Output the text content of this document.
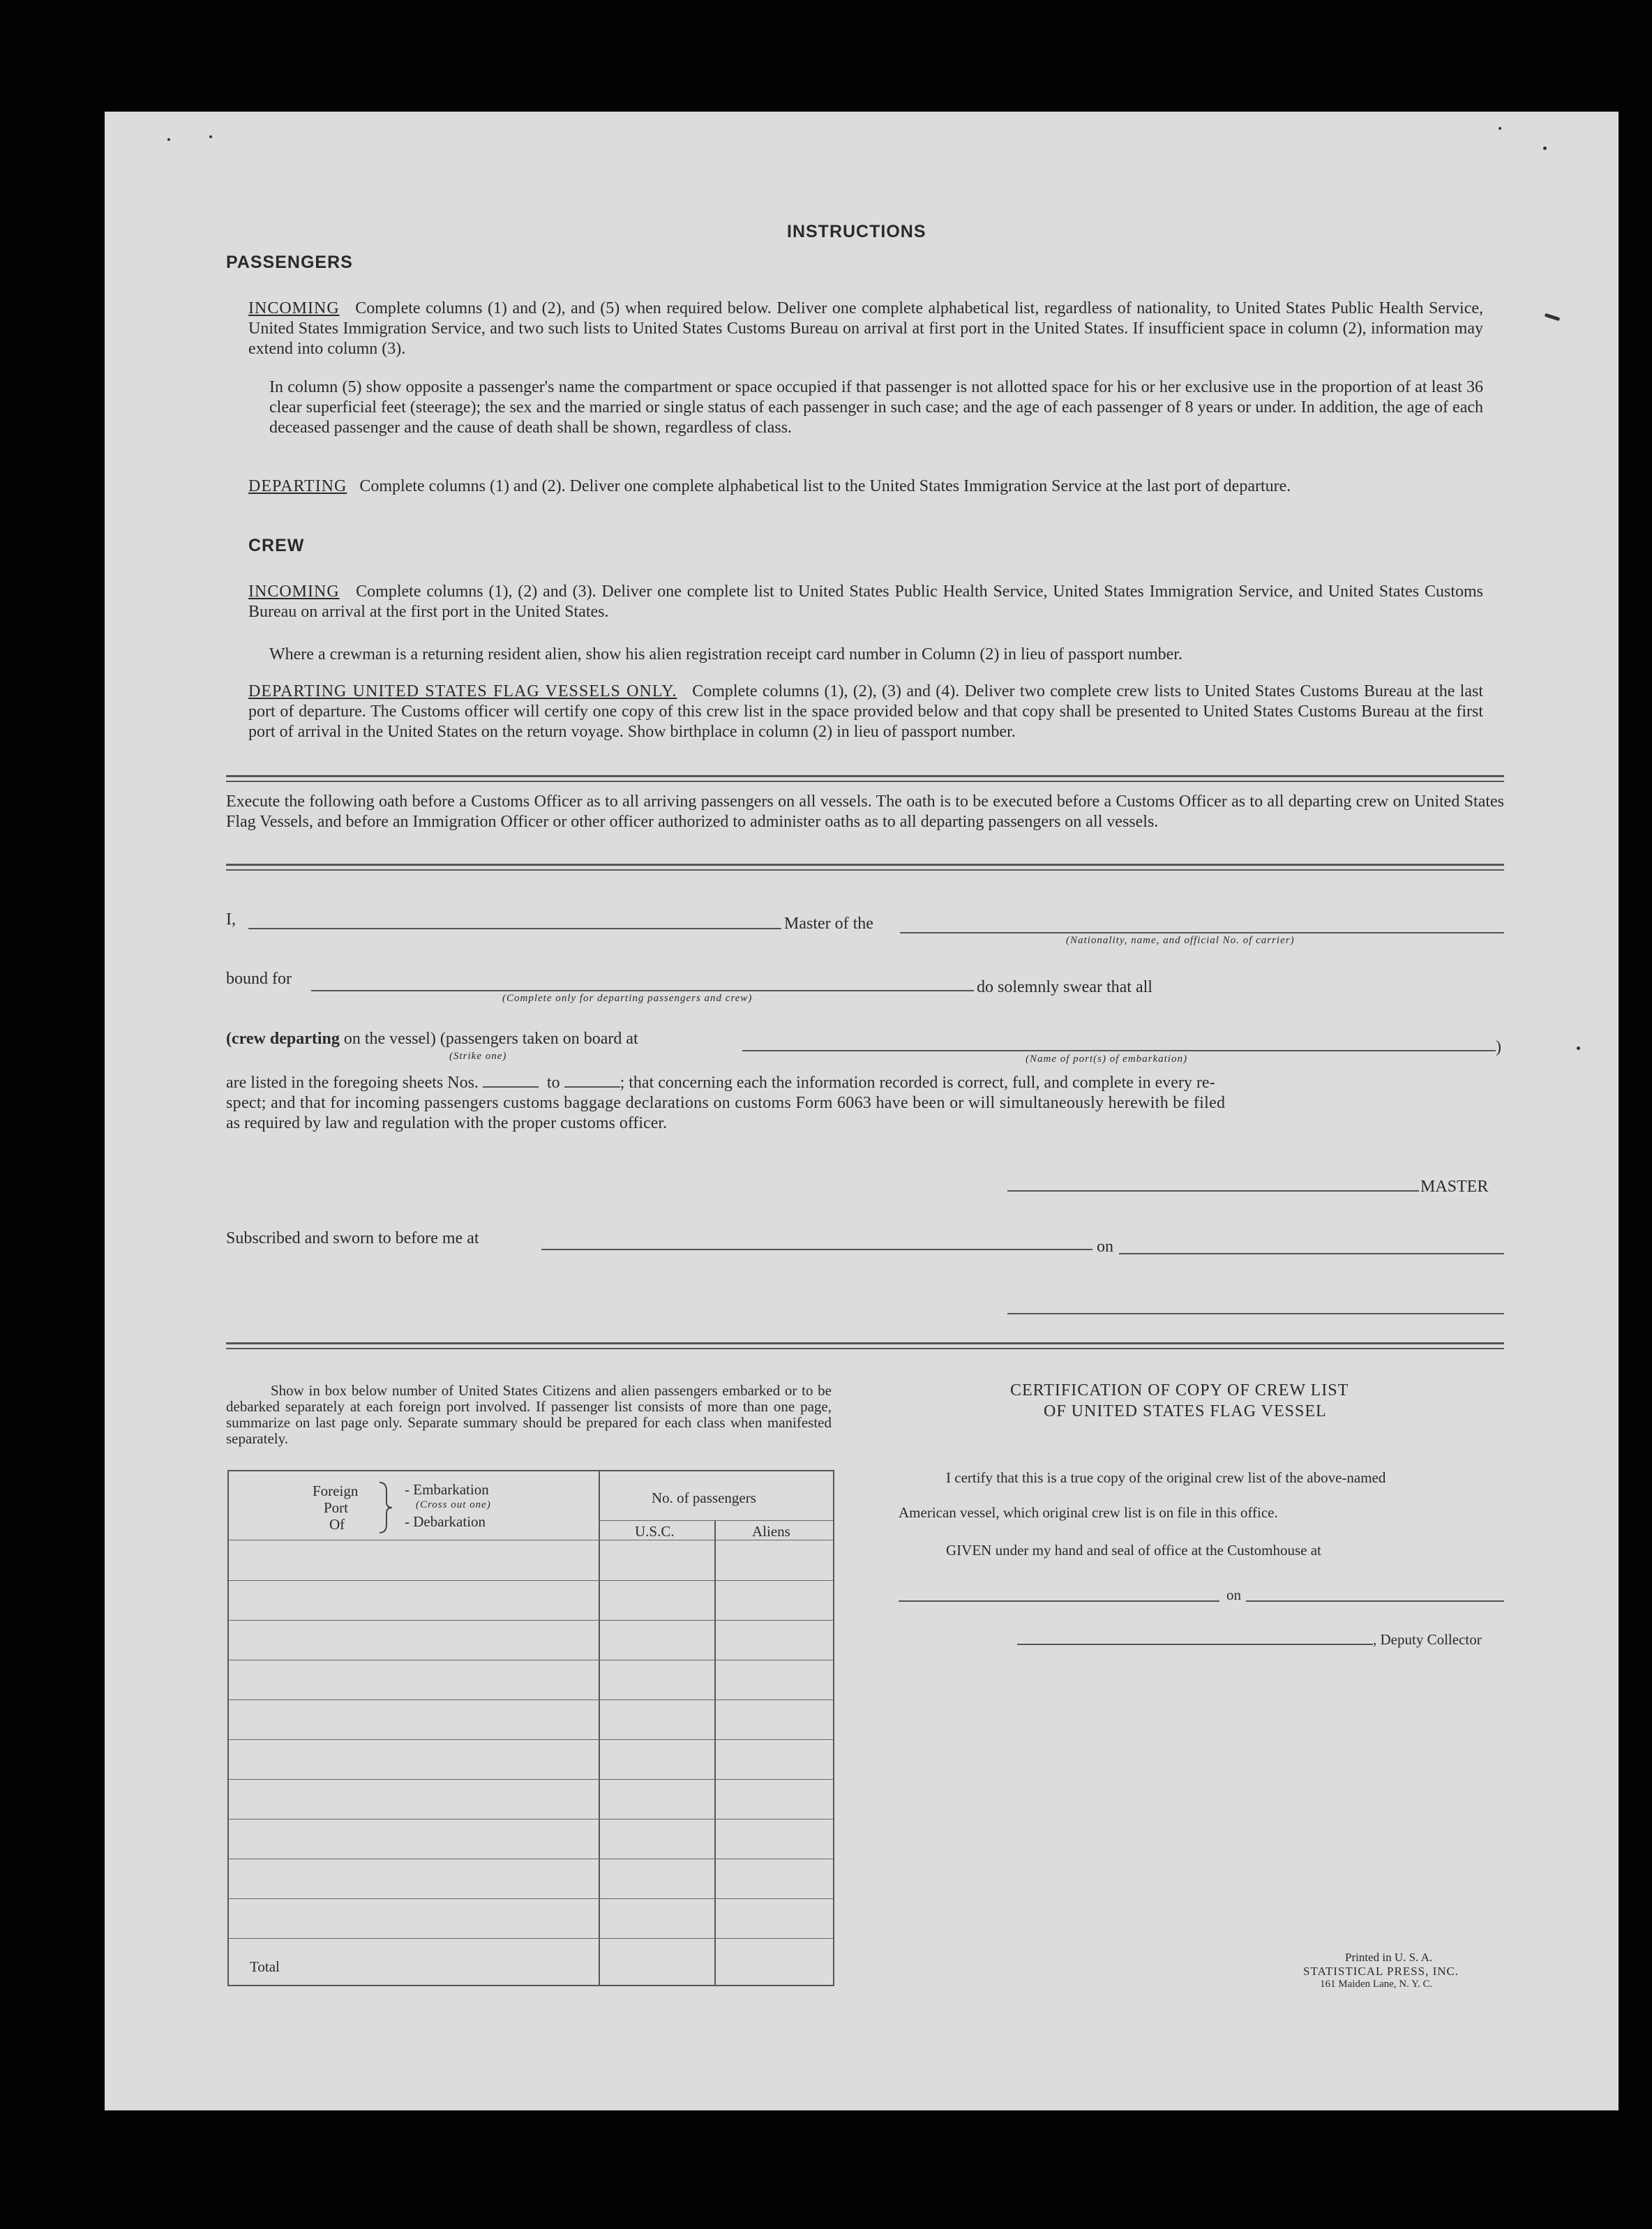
INSTRUCTIONS
PASSENGERS
INCOMING Complete columns (1) and (2), and (5) when required below. Deliver one complete alphabetical list, regardless of nationality, to United States Public Health Service, United States Immigration Service, and two such lists to United States Customs Bureau on arrival at first port in the United States. If insufficient space in column (2), information may extend into column (3).
In column (5) show opposite a passenger's name the compartment or space occupied if that passenger is not allotted space for his or her exclusive use in the proportion of at least 36 clear superficial feet (steerage); the sex and the married or single status of each passenger in such case; and the age of each passenger of 8 years or under. In addition, the age of each deceased passenger and the cause of death shall be shown, regardless of class.
DEPARTING Complete columns (1) and (2). Deliver one complete alphabetical list to the United States Immigration Service at the last port of departure.
CREW
INCOMING Complete columns (1), (2) and (3). Deliver one complete list to United States Public Health Service, United States Immigration Service, and United States Customs Bureau on arrival at the first port in the United States.
Where a crewman is a returning resident alien, show his alien registration receipt card number in Column (2) in lieu of passport number.
DEPARTING UNITED STATES FLAG VESSELS ONLY. Complete columns (1), (2), (3) and (4). Deliver two complete crew lists to United States Customs Bureau at the last port of departure. The Customs officer will certify one copy of this crew list in the space provided below and that copy shall be presented to United States Customs Bureau at the first port of arrival in the United States on the return voyage. Show birthplace in column (2) in lieu of passport number.
Execute the following oath before a Customs Officer as to all arriving passengers on all vessels. The oath is to be executed before a Customs Officer as to all departing crew on United States Flag Vessels, and before an Immigration Officer or other officer authorized to administer oaths as to all departing passengers on all vessels.
I,	Master of the
(Nationality, name, and official No. of carrier)
bound for
(Complete only for departing passengers and crew)
do solemnly swear that all
(crew departing on the vessel) (passengers taken on board at	)
(Strike one)	(Name of port(s) of embarkation)
are listed in the foregoing sheets Nos.	to	; that concerning each the information recorded is correct, full, and complete in every re-
spect; and that for incoming passengers customs baggage declarations on customs Form 6063 have been or will simultaneously herewith be filed
as required by law and regulation with the proper customs officer.
MASTER
Subscribed and sworn to before me at	on
Show in box below number of United States Citizens and alien passengers embarked or to be debarked separately at each foreign port involved. If passenger list consists of more than one page, summarize on last page only. Separate summary should be prepared for each class when manifested separately.
Foreign
Port
Of
- Embarkation
(Cross out one)
- Debarkation
No. of passengers
U.S.C.	Aliens
Total
CERTIFICATION OF COPY OF CREW LIST
OF UNITED STATES FLAG VESSEL
I certify that this is a true copy of the original crew list of the above-named
American vessel, which original crew list is on file in this office.
GIVEN under my hand and seal of office at the Customhouse at
on
, Deputy Collector
Printed in U. S. A.
STATISTICAL PRESS, INC.
161 Maiden Lane, N. Y. C.
